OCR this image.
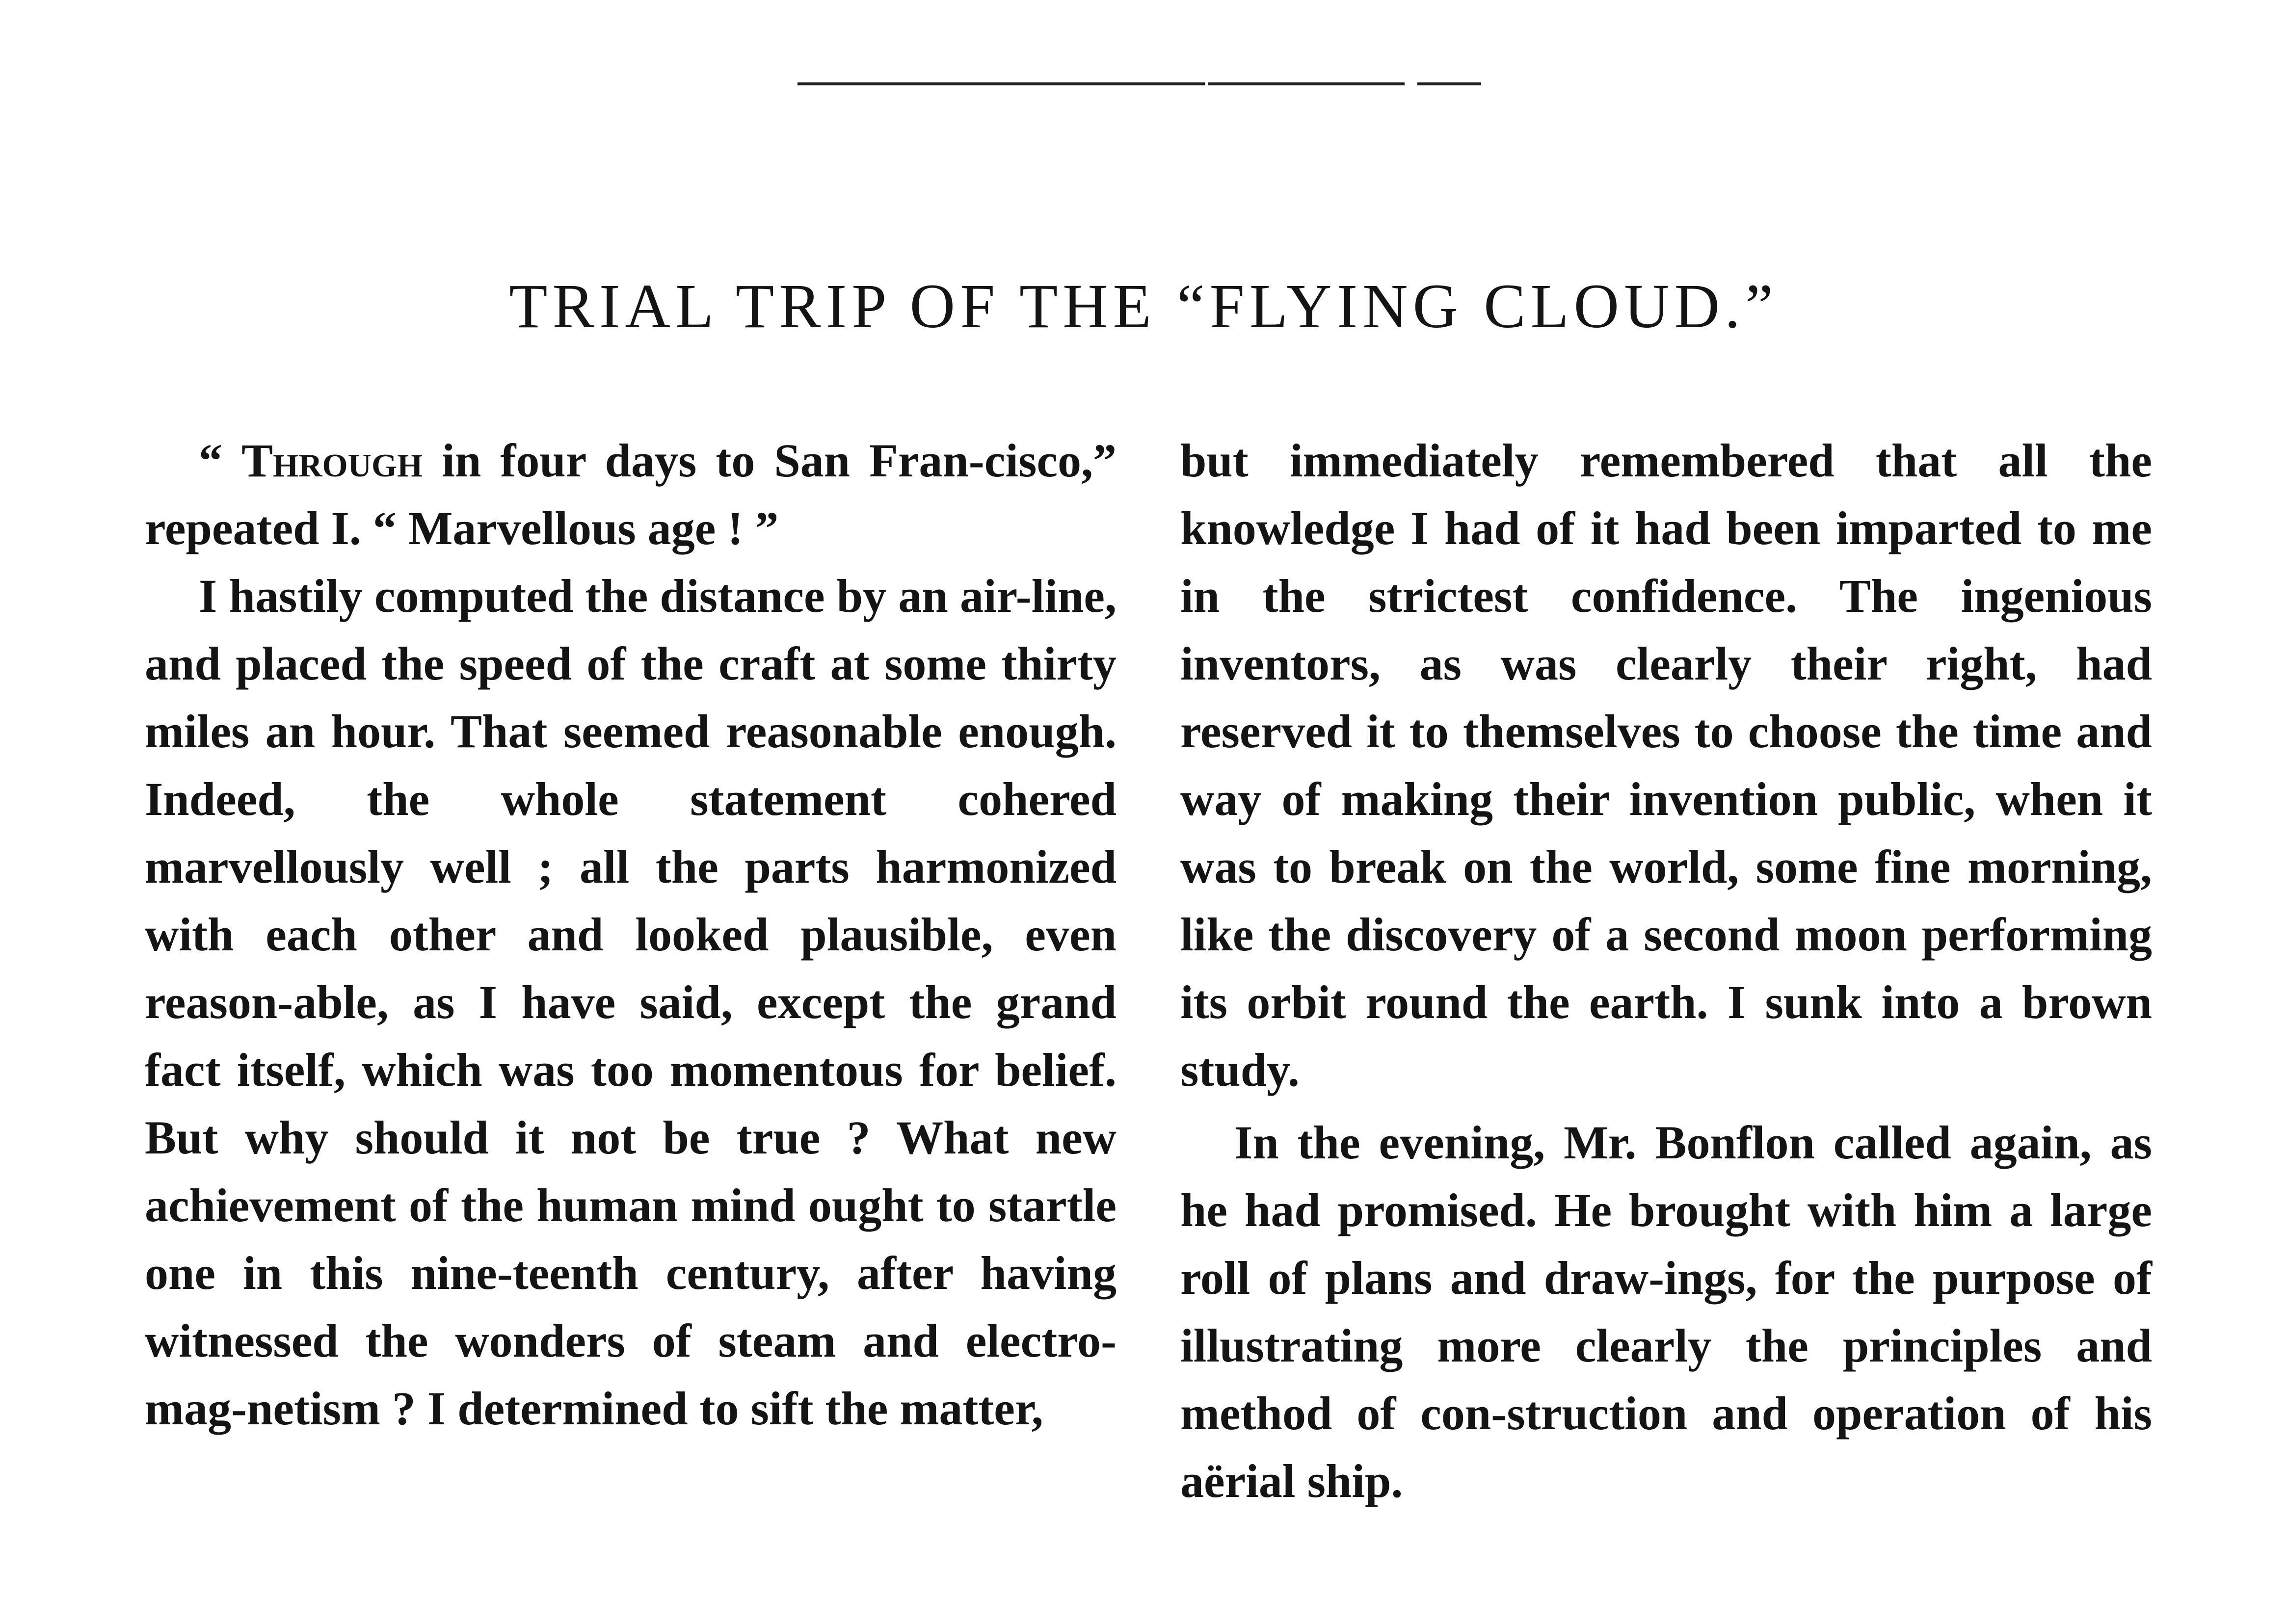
TRIAL TRIP OF THE “FLYING CLOUD.”

“ Through in four days to San Fran-cisco,” repeated I. “ Marvellous age ! ”

I hastily computed the distance by an air-line, and placed the speed of the craft at some thirty miles an hour. That seemed reasonable enough. Indeed, the whole statement cohered marvellously well ; all the parts harmonized with each other and looked plausible, even reason-able, as I have said, except the grand fact itself, which was too momentous for belief. But why should it not be true ? What new achievement of the human mind ought to startle one in this nine-teenth century, after having witnessed the wonders of steam and electro-mag-netism ? I determined to sift the matter,

but immediately remembered that all the knowledge I had of it had been imparted to me in the strictest confidence. The ingenious inventors, as was clearly their right, had reserved it to themselves to choose the time and way of making their invention public, when it was to break on the world, some fine morning, like the discovery of a second moon performing its orbit round the earth. I sunk into a brown study.

In the evening, Mr. Bonflon called again, as he had promised. He brought with him a large roll of plans and draw-ings, for the purpose of illustrating more clearly the principles and method of con-struction and operation of his aërial ship.
